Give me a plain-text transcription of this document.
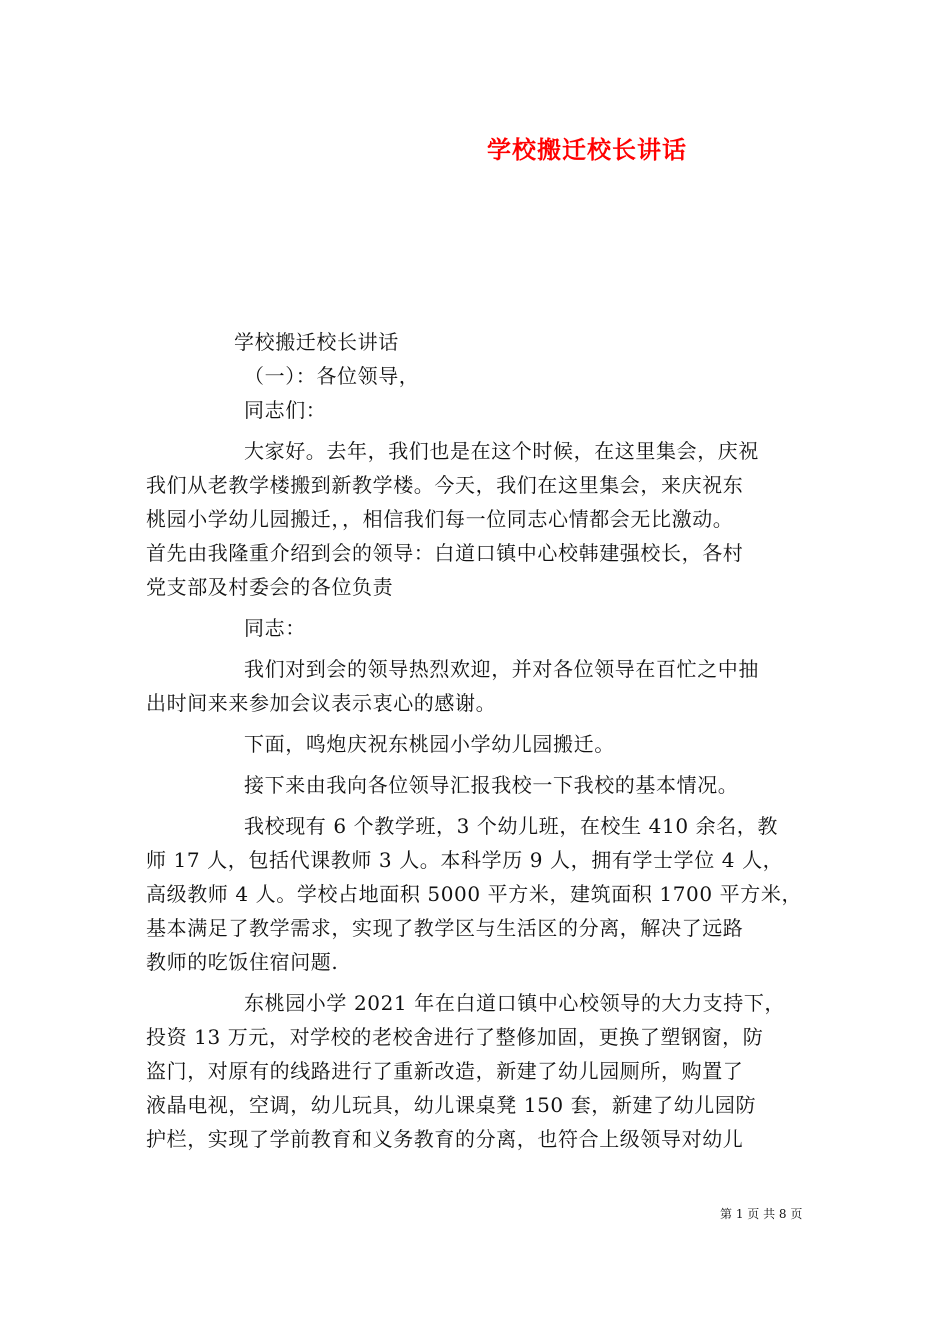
学校搬迁校长讲话
学校搬迁校长讲话
（一）：各位领导，
同志们：
大家好。去年，我们也是在这个时候，在这里集会，庆祝
我们从老教学楼搬到新教学楼。今天，我们在这里集会，来庆祝东
桃园小学幼儿园搬迁，，相信我们每一位同志心情都会无比激动。
首先由我隆重介绍到会的领导：白道口镇中心校韩建强校长，各村
党支部及村委会的各位负责
同志：
我们对到会的领导热烈欢迎，并对各位领导在百忙之中抽
出时间来来参加会议表示衷心的感谢。
下面，鸣炮庆祝东桃园小学幼儿园搬迁。
接下来由我向各位领导汇报我校一下我校的基本情况。
我校现有 6 个教学班，3 个幼儿班，在校生 410 余名，教
师 17 人，包括代课教师 3 人。本科学历 9 人，拥有学士学位 4 人，
高级教师 4 人。学校占地面积 5000 平方米，建筑面积 1700 平方米，
基本满足了教学需求，实现了教学区与生活区的分离，解决了远路
教师的吃饭住宿问题.
东桃园小学 2021 年在白道口镇中心校领导的大力支持下，
投资 13 万元，对学校的老校舍进行了整修加固，更换了塑钢窗，防
盗门，对原有的线路进行了重新改造，新建了幼儿园厕所，购置了
液晶电视，空调，幼儿玩具，幼儿课桌凳 150 套，新建了幼儿园防
护栏，实现了学前教育和义务教育的分离，也符合上级领导对幼儿
第 1 页 共 8 页
